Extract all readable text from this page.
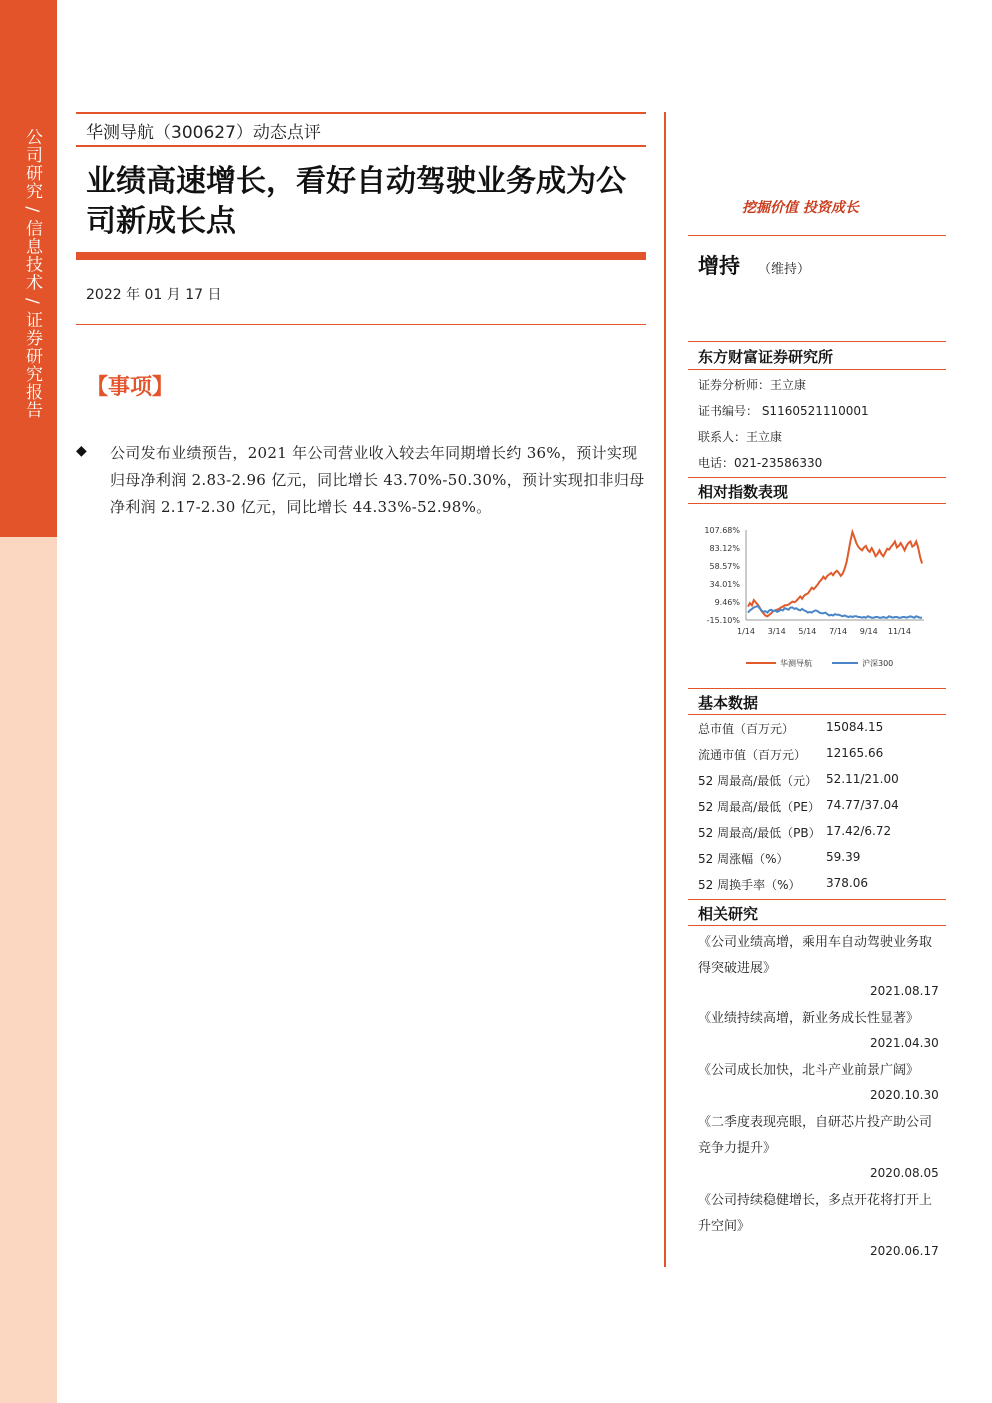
公司研究 / 信息技术 / 证券研究报告	华测导航（300627）动态点评
业绩高速增长，看好自动驾驶业务成为公司新成长点
2022 年 01 月 17 日
【事项】
◆ 公司发布业绩预告，2021 年公司营业收入较去年同期增长约 36%，预计实现归母净利润 2.83-2.96 亿元，同比增长 43.70%-50.30%，预计实现扣非归母净利润 2.17-2.30 亿元，同比增长 44.33%-52.98%。
挖掘价值 投资成长
增持 （维持）
东方财富证券研究所
证券分析师：王立康
证书编号： S1160521110001
联系人：王立康
电话：021-23586330
相对指数表现
107.68%
83.12%
58.57%
34.01%
9.46%
-15.10%
1/14 3/14 5/14 7/14 9/14 11/14
华测导航	沪深300
基本数据
总市值（百万元）	15084.15
流通市值（百万元） 12165.66
52 周最高/最低（元） 52.11/21.00
52 周最高/最低（PE） 74.77/37.04
52 周最高/最低（PB） 17.42/6.72
52 周涨幅（%）	59.39
52 周换手率（%） 378.06
相关研究
《公司业绩高增，乘用车自动驾驶业务取得突破进展》
2021.08.17
《业绩持续高增，新业务成长性显著》
2021.04.30
《公司成长加快，北斗产业前景广阔》
2020.10.30
《二季度表现亮眼，自研芯片投产助公司竞争力提升》
2020.08.05
《公司持续稳健增长，多点开花将打开上升空间》
2020.06.17
